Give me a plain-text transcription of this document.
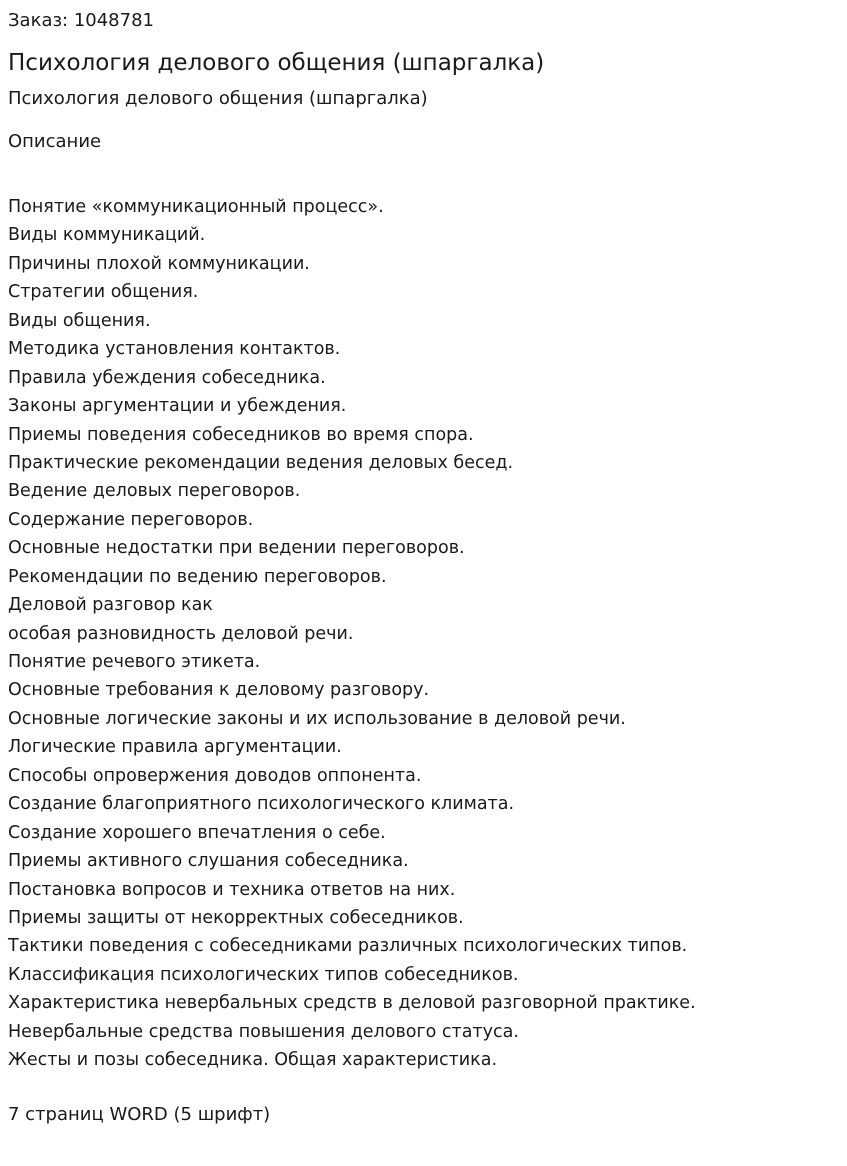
Заказ: 1048781
Психология делового общения (шпаргалка)
Психология делового общения (шпаргалка)
Описание
Понятие «коммуникационный процесс».
Виды коммуникаций.
Причины плохой коммуникации.
Стратегии общения.
Виды общения.
Методика установления контактов.
Правила убеждения собеседника.
Законы аргументации и убеждения.
Приемы поведения собеседников во время спора.
Практические рекомендации ведения деловых бесед.
Ведение деловых переговоров.
Содержание переговоров.
Основные недостатки при ведении переговоров.
Рекомендации по ведению переговоров.
Деловой разговор как
особая разновидность деловой речи.
Понятие речевого этикета.
Основные требования к деловому разговору.
Основные логические законы и их использование в деловой речи.
Логические правила аргументации.
Способы опровержения доводов оппонента.
Создание благоприятного психологического климата.
Создание хорошего впечатления о себе.
Приемы активного слушания собеседника.
Постановка вопросов и техника ответов на них.
Приемы защиты от некорректных собеседников.
Тактики поведения с собеседниками различных психологических типов.
Классификация психологических типов собеседников.
Характеристика невербальных средств в деловой разговорной практике.
Невербальные средства повышения делового статуса.
Жесты и позы собеседника. Общая характеристика.
7 страниц WORD (5 шрифт)
